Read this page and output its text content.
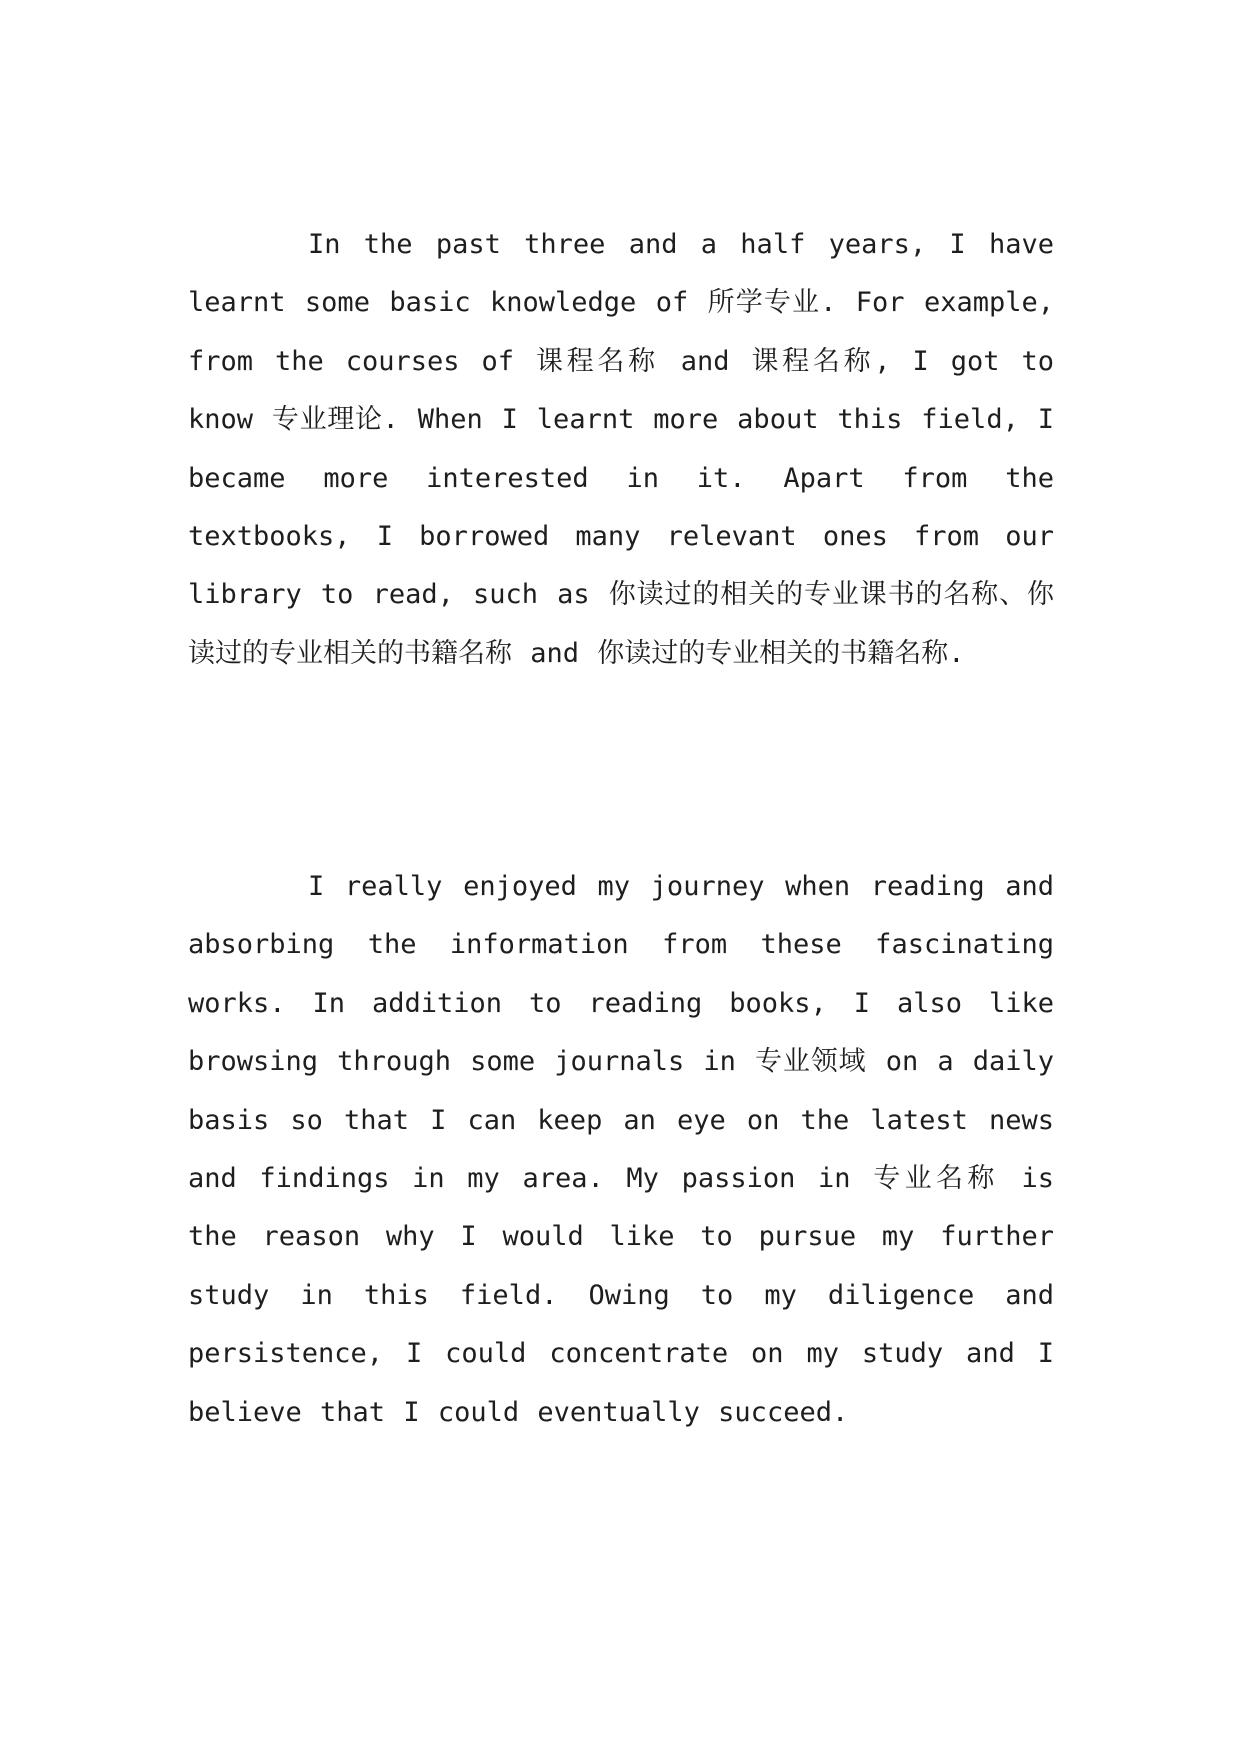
In the past three and a half years, I have learnt some basic knowledge of 所学专业. For example, from the courses of 课程名称 and 课程名称, I got to know 专业理论. When I learnt more about this field, I became more interested in it. Apart from the textbooks, I borrowed many relevant ones from our library to read, such as 你读过的相关的专业课书的名称、你读过的专业相关的书籍名称 and 你读过的专业相关的书籍名称.

I really enjoyed my journey when reading and absorbing the information from these fascinating works. In addition to reading books, I also like browsing through some journals in 专业领域 on a daily basis so that I can keep an eye on the latest news and findings in my area. My passion in 专业名称 is the reason why I would like to pursue my further study in this field. Owing to my diligence and persistence, I could concentrate on my study and I believe that I could eventually succeed.
